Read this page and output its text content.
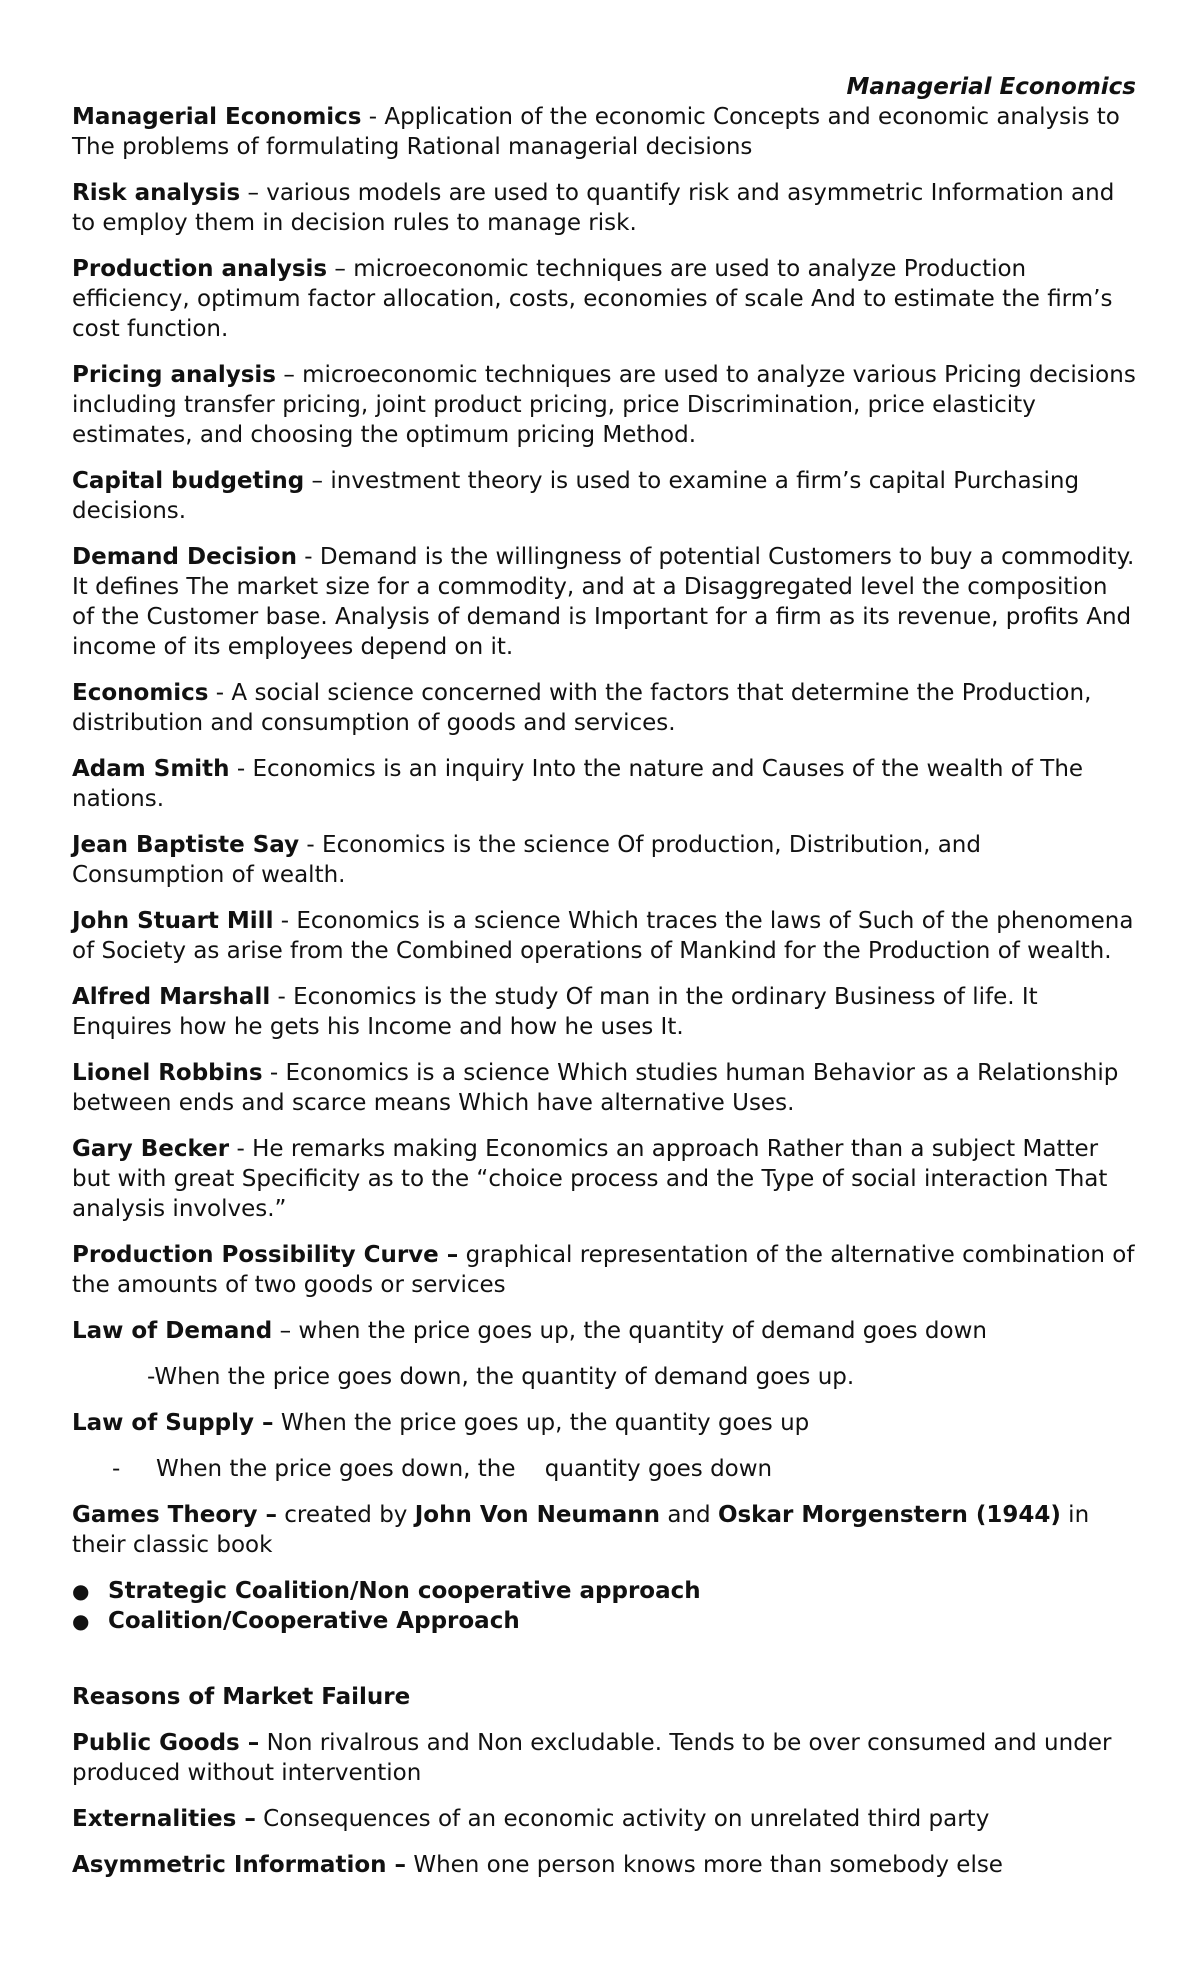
Managerial Economics

Managerial Economics - Application of the economic Concepts and economic analysis to The problems of formulating Rational managerial decisions

Risk analysis – various models are used to quantify risk and asymmetric Information and to employ them in decision rules to manage risk.

Production analysis – microeconomic techniques are used to analyze Production efficiency, optimum factor allocation, costs, economies of scale And to estimate the firm’s cost function.

Pricing analysis – microeconomic techniques are used to analyze various Pricing decisions including transfer pricing, joint product pricing, price Discrimination, price elasticity estimates, and choosing the optimum pricing Method.

Capital budgeting – investment theory is used to examine a firm’s capital Purchasing decisions.

Demand Decision - Demand is the willingness of potential Customers to buy a commodity. It defines The market size for a commodity, and at a Disaggregated level the composition of the Customer base. Analysis of demand is Important for a firm as its revenue, profits And income of its employees depend on it.

Economics - A social science concerned with the factors that determine the Production, distribution and consumption of goods and services.

Adam Smith - Economics is an inquiry Into the nature and Causes of the wealth of The nations.

Jean Baptiste Say - Economics is the science Of production, Distribution, and Consumption of wealth.

John Stuart Mill - Economics is a science Which traces the laws of Such of the phenomena of Society as arise from the Combined operations of Mankind for the Production of wealth.

Alfred Marshall - Economics is the study Of man in the ordinary Business of life. It Enquires how he gets his Income and how he uses It.

Lionel Robbins - Economics is a science Which studies human Behavior as a Relationship between ends and scarce means Which have alternative Uses.

Gary Becker - He remarks making Economics an approach Rather than a subject Matter but with great Specificity as to the “choice process and the Type of social interaction That analysis involves.”

Production Possibility Curve – graphical representation of the alternative combination of the amounts of two goods or services

Law of Demand – when the price goes up, the quantity of demand goes down

-When the price goes down, the quantity of demand goes up.

Law of Supply – When the price goes up, the quantity goes up

-	When the price goes down, the
quantity goes down

Games Theory – created by John Von Neumann and Oskar Morgenstern (1944) in their classic book

● Strategic Coalition/Non cooperative approach
● Coalition/Cooperative Approach

Reasons of Market Failure

Public Goods – Non rivalrous and Non excludable. Tends to be over consumed and under produced without intervention

Externalities – Consequences of an economic activity on unrelated third party

Asymmetric Information – When one person knows more than somebody else
